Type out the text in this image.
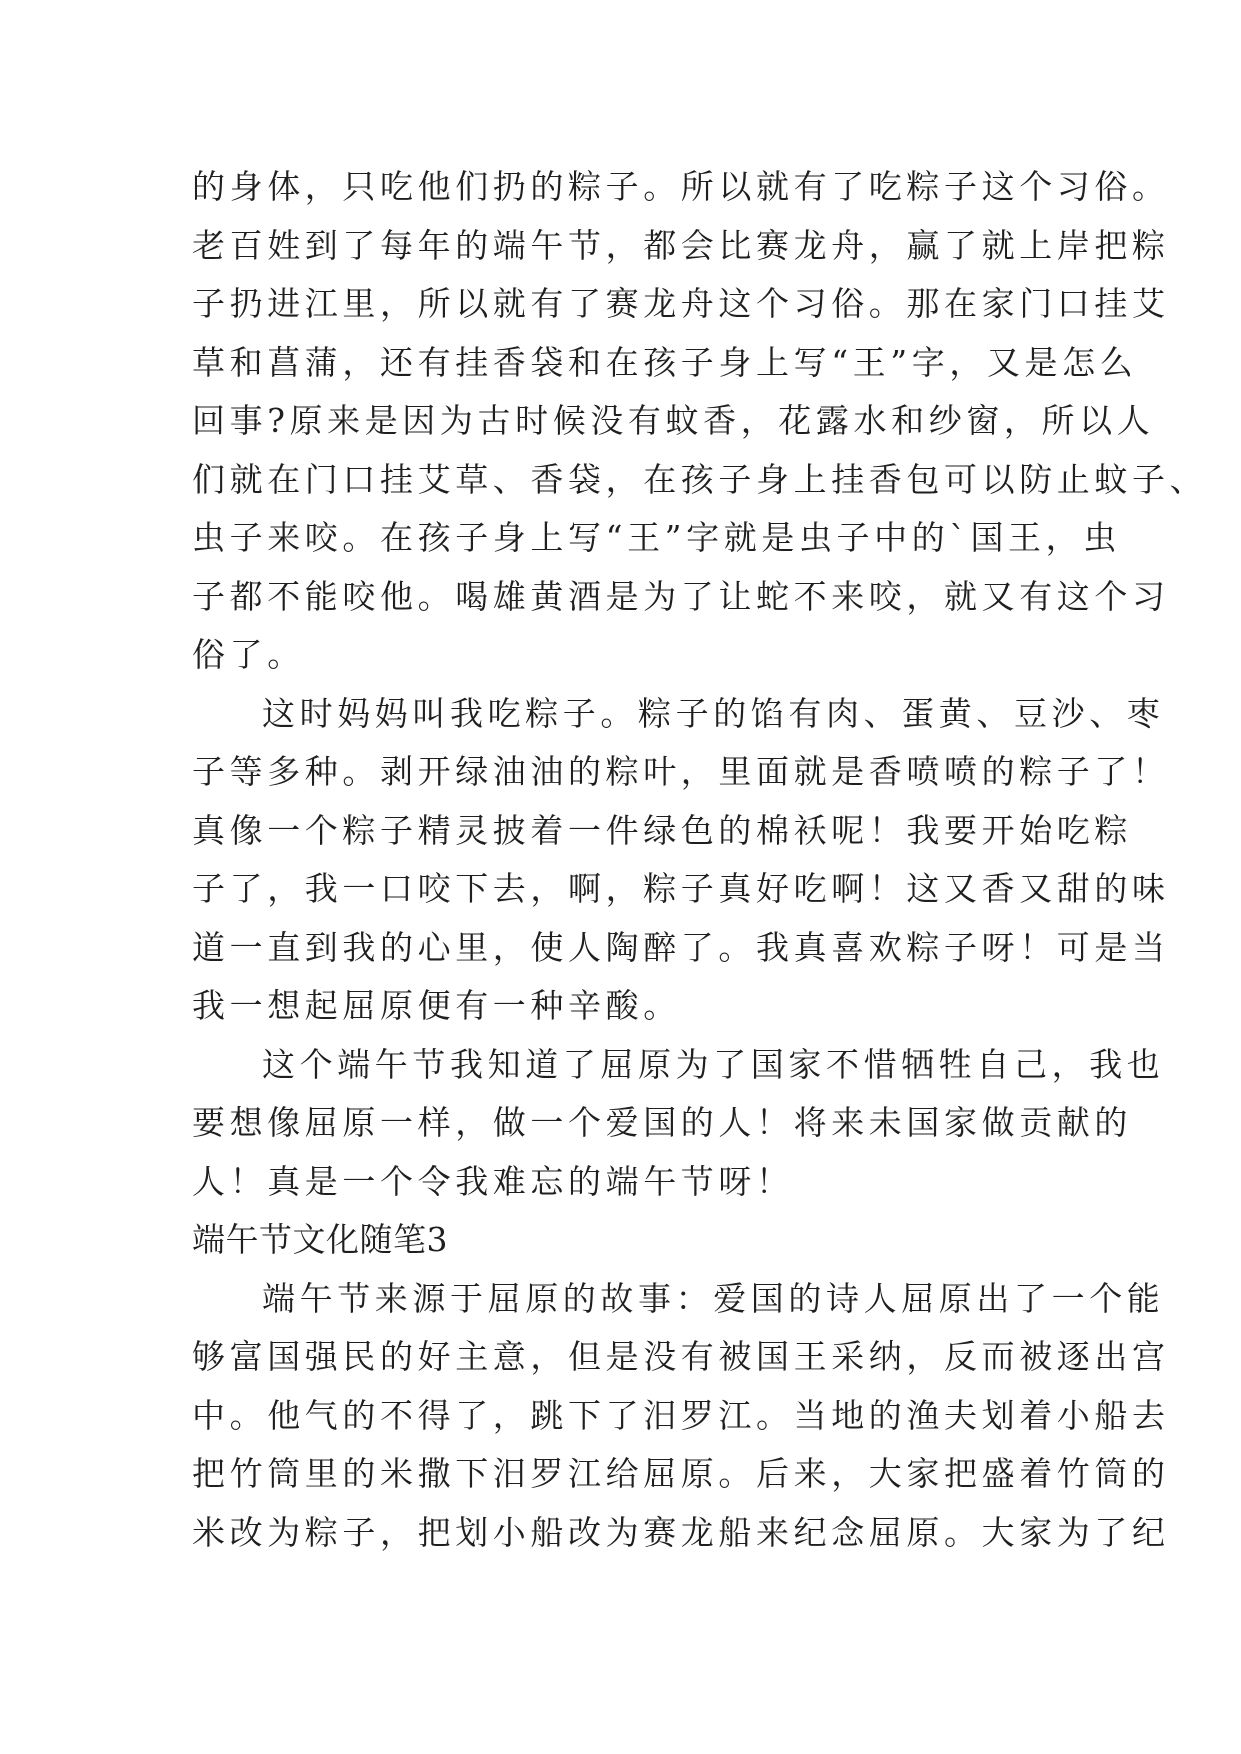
的身体，只吃他们扔的粽子。所以就有了吃粽子这个习俗。
老百姓到了每年的端午节，都会比赛龙舟，赢了就上岸把粽
子扔进江里，所以就有了赛龙舟这个习俗。那在家门口挂艾
草和菖蒲，还有挂香袋和在孩子身上写“王”字，又是怎么
回事?原来是因为古时候没有蚊香，花露水和纱窗，所以人
们就在门口挂艾草、香袋，在孩子身上挂香包可以防止蚊子、
虫子来咬。在孩子身上写“王”字就是虫子中的`国王，虫
子都不能咬他。喝雄黄酒是为了让蛇不来咬，就又有这个习
俗了。
这时妈妈叫我吃粽子。粽子的馅有肉、蛋黄、豆沙、枣
子等多种。剥开绿油油的粽叶，里面就是香喷喷的粽子了！
真像一个粽子精灵披着一件绿色的棉袄呢！我要开始吃粽
子了，我一口咬下去，啊，粽子真好吃啊！这又香又甜的味
道一直到我的心里，使人陶醉了。我真喜欢粽子呀！可是当
我一想起屈原便有一种辛酸。
这个端午节我知道了屈原为了国家不惜牺牲自己，我也
要想像屈原一样，做一个爱国的人！将来未国家做贡献的
人！真是一个令我难忘的端午节呀！
端午节文化随笔3
端午节来源于屈原的故事：爱国的诗人屈原出了一个能
够富国强民的好主意，但是没有被国王采纳，反而被逐出宫
中。他气的不得了，跳下了汨罗江。当地的渔夫划着小船去
把竹筒里的米撒下汨罗江给屈原。后来，大家把盛着竹筒的
米改为粽子，把划小船改为赛龙船来纪念屈原。大家为了纪
